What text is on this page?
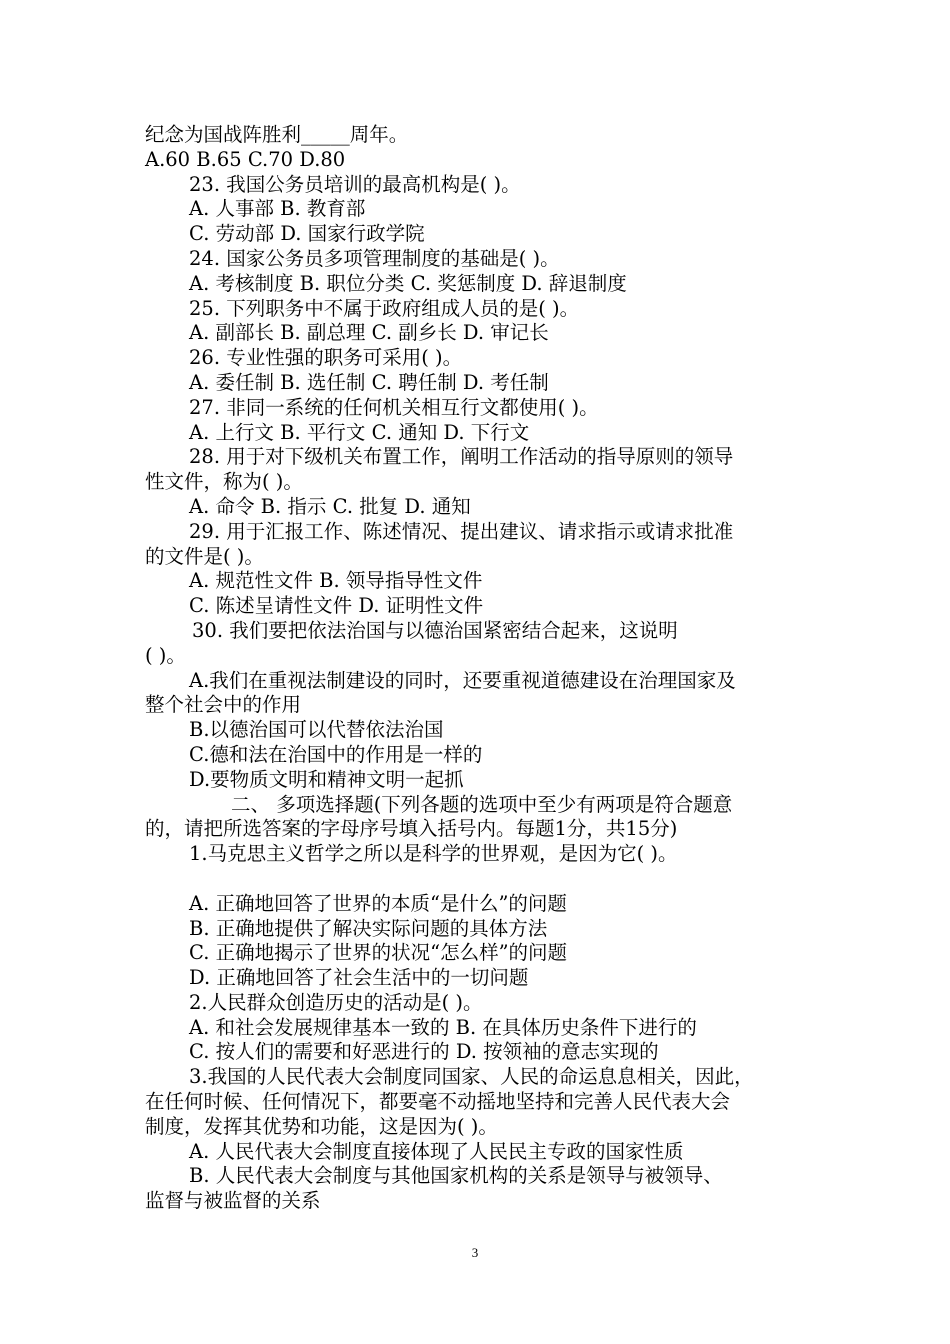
纪念为国战阵胜利_____周年。
A.60 B.65 C.70 D.80
23. 我国公务员培训的最高机构是( )。
A. 人事部 B. 教育部
C. 劳动部 D. 国家行政学院
24. 国家公务员多项管理制度的基础是( )。
A. 考核制度 B. 职位分类 C. 奖惩制度 D. 辞退制度
25. 下列职务中不属于政府组成人员的是( )。
A. 副部长 B. 副总理 C. 副乡长 D. 审记长
26. 专业性强的职务可采用( )。
A. 委任制 B. 选任制 C. 聘任制 D. 考任制
27. 非同一系统的任何机关相互行文都使用( )。
A. 上行文 B. 平行文 C. 通知 D. 下行文
28. 用于对下级机关布置工作，阐明工作活动的指导原则的领导
性文件，称为( )。
A. 命令 B. 指示 C. 批复 D. 通知
29. 用于汇报工作、陈述情况、提出建议、请求指示或请求批准
的文件是( )。
A. 规范性文件 B. 领导指导性文件
C. 陈述呈请性文件 D. 证明性文件
30. 我们要把依法治国与以德治国紧密结合起来，这说明
( )。
A.我们在重视法制建设的同时，还要重视道德建设在治理国家及
整个社会中的作用
B.以德治国可以代替依法治国
C.德和法在治国中的作用是一样的
D.要物质文明和精神文明一起抓
二、 多项选择题(下列各题的选项中至少有两项是符合题意
的，请把所选答案的字母序号填入括号内。每题1分，共15分)
1.马克思主义哲学之所以是科学的世界观，是因为它( )。
A. 正确地回答了世界的本质“是什么”的问题
B. 正确地提供了解决实际问题的具体方法
C. 正确地揭示了世界的状况“怎么样”的问题
D. 正确地回答了社会生活中的一切问题
2.人民群众创造历史的活动是( )。
A. 和社会发展规律基本一致的 B. 在具体历史条件下进行的
C. 按人们的需要和好恶进行的 D. 按领袖的意志实现的
3.我国的人民代表大会制度同国家、人民的命运息息相关，因此，
在任何时候、任何情况下，都要毫不动摇地坚持和完善人民代表大会
制度，发挥其优势和功能，这是因为( )。
A. 人民代表大会制度直接体现了人民民主专政的国家性质
B. 人民代表大会制度与其他国家机构的关系是领导与被领导、
监督与被监督的关系
3
